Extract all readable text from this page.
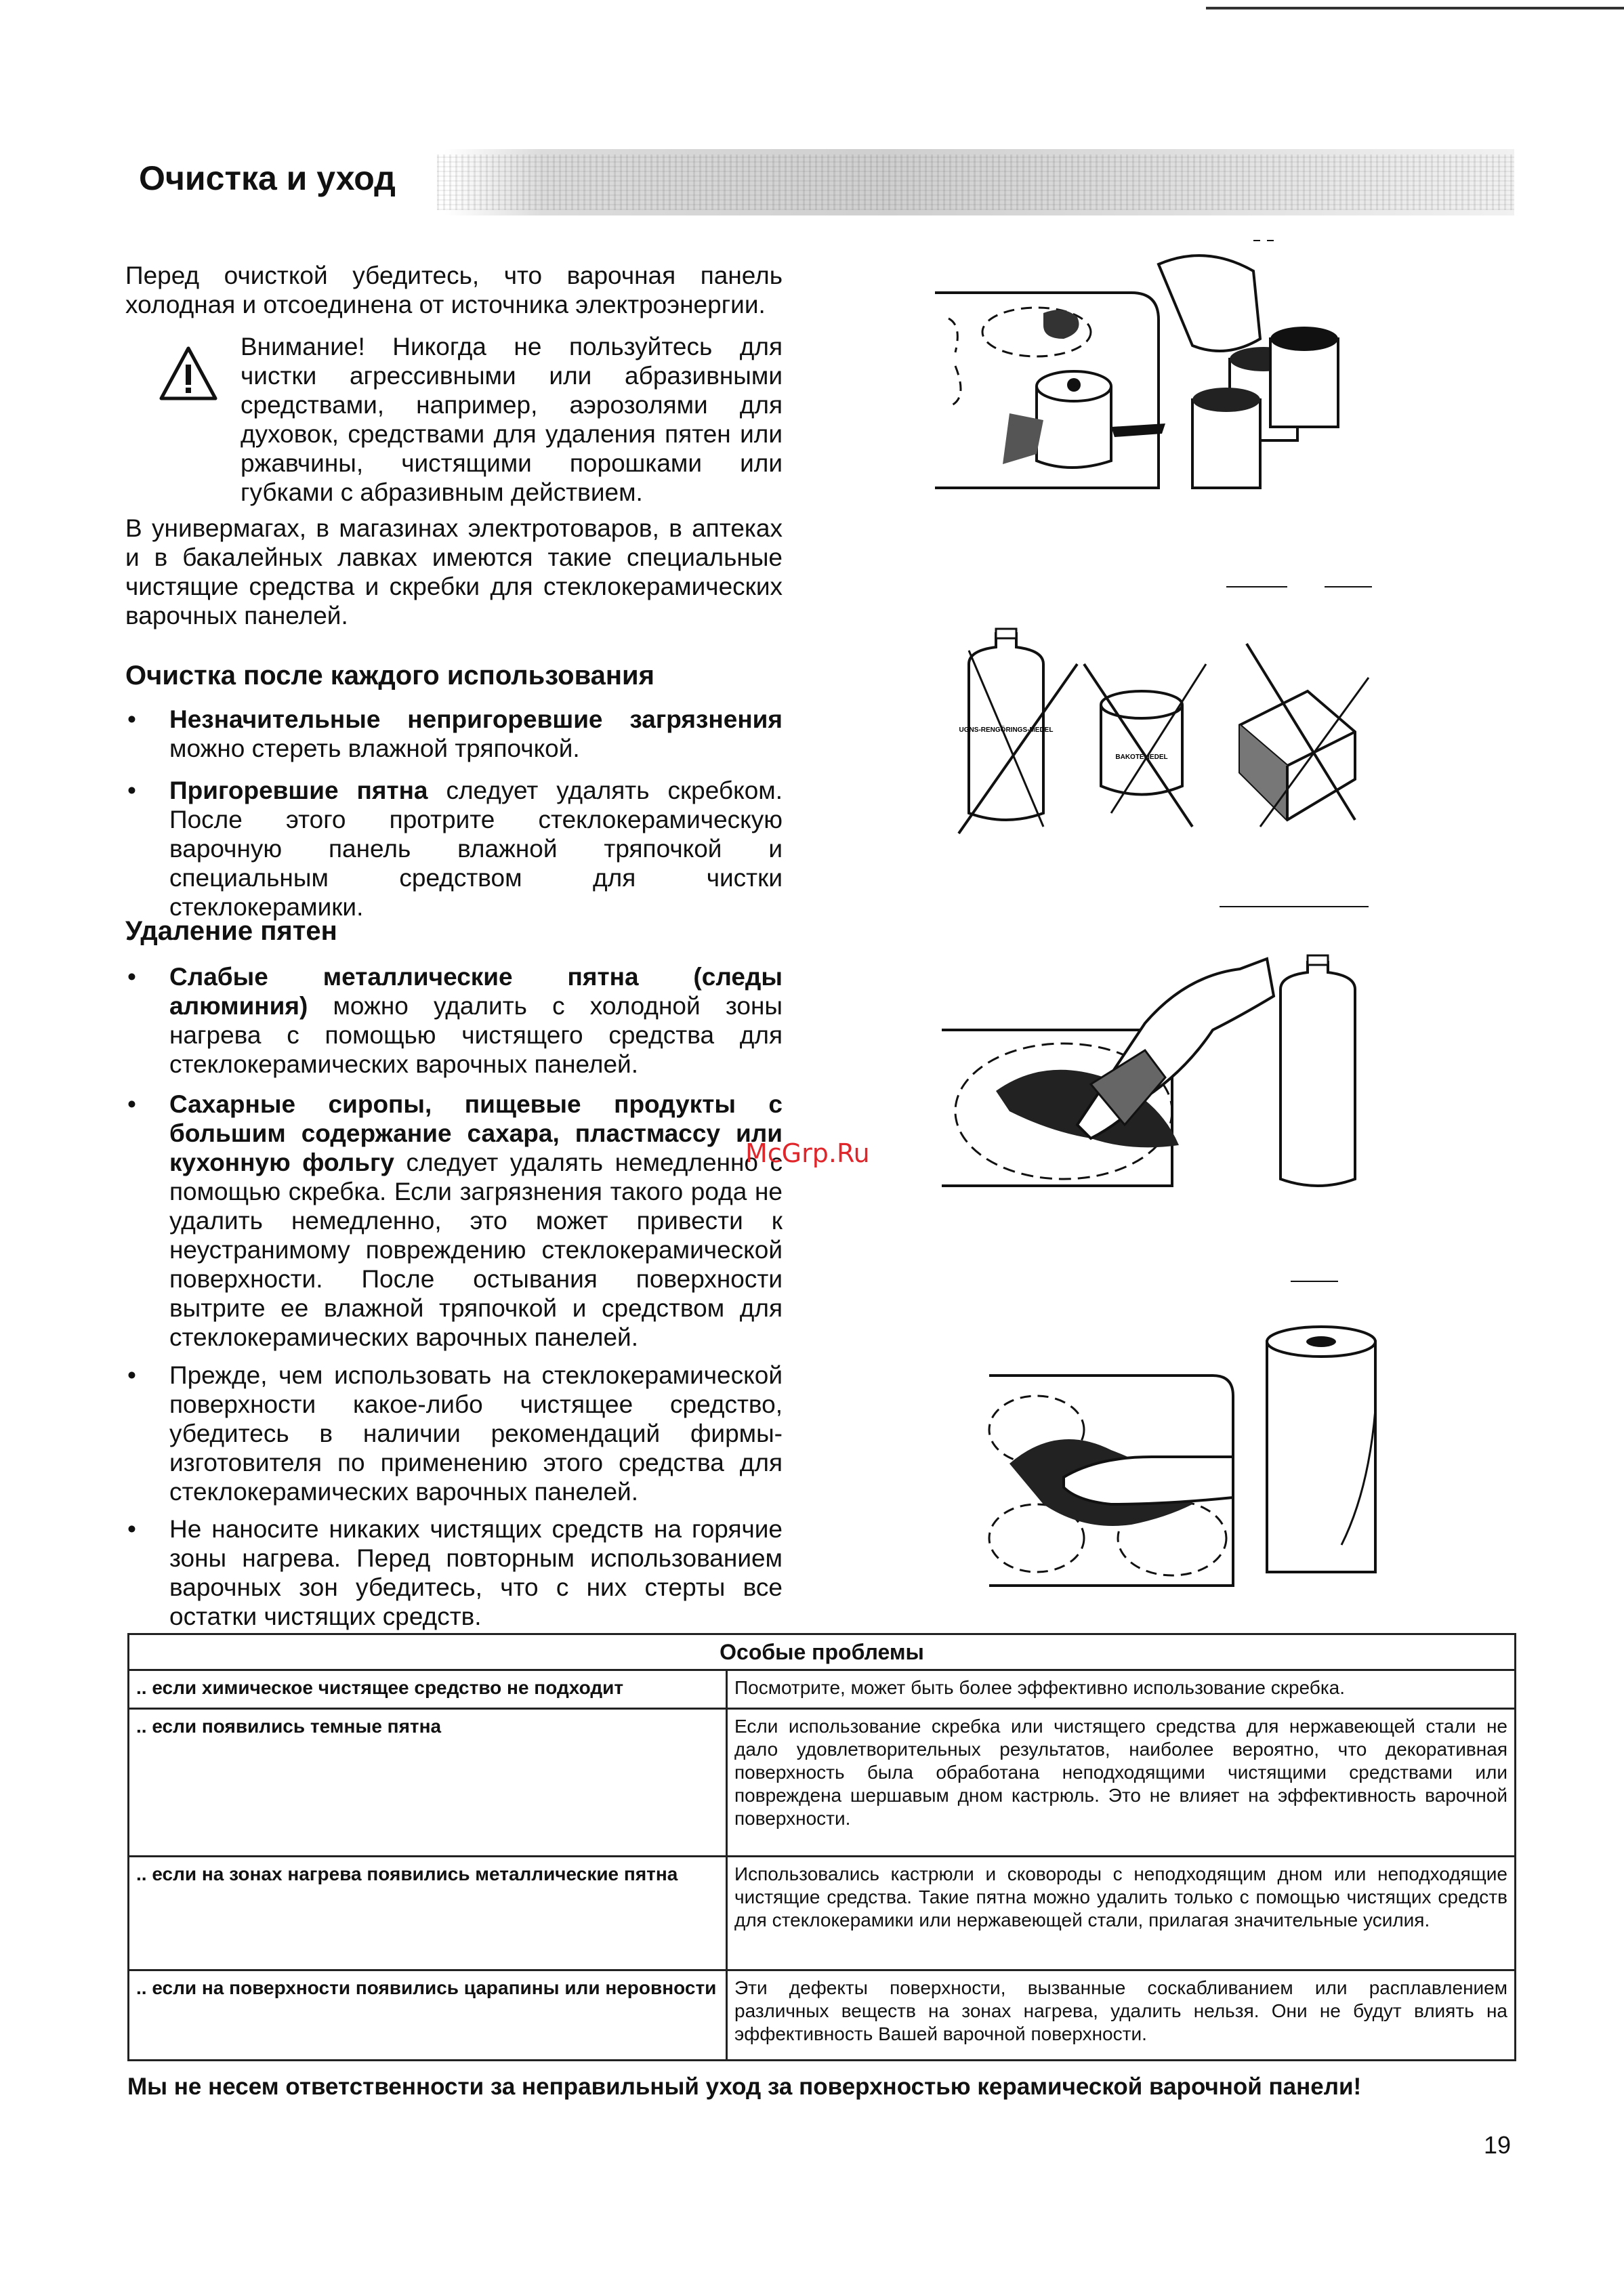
Очистка и уход
Перед очисткой убедитесь, что варочная панель холодная и отсоединена от источника электроэнергии.
Внимание! Никогда не пользуйтесь для чистки агрессивными или абразивными средствами, например, аэрозолями для духовок, средствами для удаления пятен или ржавчины, чистящими порошками или губками с абразивным действием.
В универмагах, в магазинах электротоваров, в аптеках и в бакалейных лавках имеются такие специальные чистящие средства и скребки для стеклокерамических варочных панелей.
Очистка после каждого использования
• Незначительные непригоревшие загрязнения можно стереть влажной тряпочкой.
• Пригоревшие пятна следует удалять скребком. После этого протрите стеклокерамическую варочную панель влажной тряпочкой и специальным средством для чистки стеклокерамики.
Удаление пятен
• Слабые металлические пятна (следы алюминия) можно удалить с холодной зоны нагрева с помощью чистящего средства для стеклокерамических варочных панелей.
• Сахарные сиропы, пищевые продукты с большим содержание сахара, пластмассу или кухонную фольгу следует удалять немедленно с помощью скребка. Если загрязнения такого рода не удалить немедленно, это может привести к неустранимому повреждению стеклокерамической поверхности. После остывания поверхности вытрите ее влажной тряпочкой и средством для стеклокерамических варочных панелей.
• Прежде, чем использовать на стеклокерамической поверхности какое-либо чистящее средство, убедитесь в наличии рекомендаций фирмы-изготовителя по применению этого средства для стеклокерамических варочных панелей.
• Не наносите никаких чистящих средств на горячие зоны нагрева. Перед повторным использованием варочных зон убедитесь, что с них стерты все остатки чистящих средств.
McGrp.Ru
UGNS-RENGÖRINGS-MEDEL
BAKOTEMEDEL
Особые проблемы	
.. если химическое чистящее средство не подходит	Посмотрите, может быть более эффективно использование скребка.
.. если появились темные пятна	Если использование скребка или чистящего средства для нержавеющей стали не дало удовлетворительных результатов, наиболее вероятно, что декоративная поверхность была обработана неподходящими чистящими средствами или повреждена шершавым дном кастрюль. Это не влияет на эффективность варочной поверхности.
.. если на зонах нагрева появились металлические пятна	Использовались кастрюли и сковороды с неподходящим дном или неподходящие чистящие средства. Такие пятна можно удалить только с помощью чистящих средств для стеклокерамики или нержавеющей стали, прилагая значительные усилия.
.. если на поверхности появились царапины или неровности	Эти дефекты поверхности, вызванные соскабливанием или расплавлением различных веществ на зонах нагрева, удалить нельзя. Они не будут влиять на эффективность Вашей варочной поверхности.
Мы не несем ответственности за неправильный уход за поверхностью керамической варочной панели!
19
